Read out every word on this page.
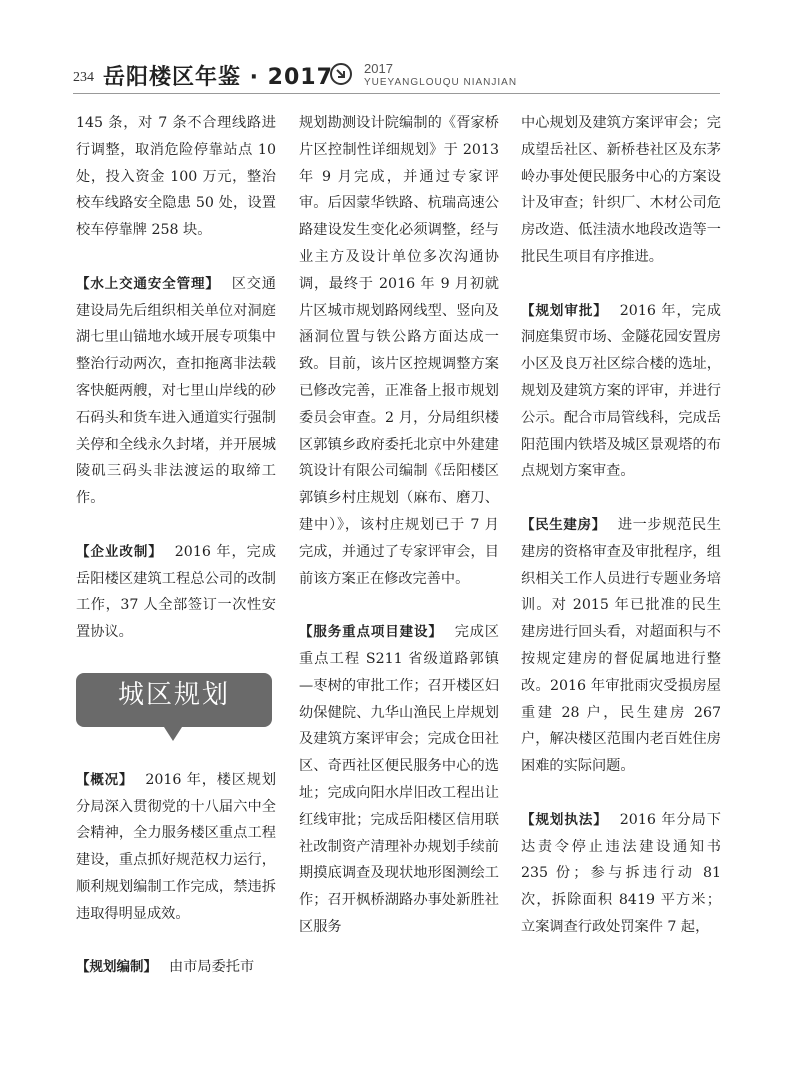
234 岳阳楼区年鉴 · 2017 2017
YUEYANGLOUQU NIANJIAN

145 条，对 7 条不合理线路进行调整，取消危险停靠站点 10 处，投入资金 100 万元，整治校车线路安全隐患 50 处，设置校车停靠牌 258 块。

【水上交通安全管理】 区交通建设局先后组织相关单位对洞庭湖七里山锚地水域开展专项集中整治行动两次，查扣拖离非法载客快艇两艘，对七里山岸线的砂石码头和货车进入通道实行强制关停和全线永久封堵，并开展城陵矶三码头非法渡运的取缔工作。

【企业改制】 2016 年，完成岳阳楼区建筑工程总公司的改制工作，37 人全部签订一次性安置协议。

城区规划

【概况】 2016 年，楼区规划分局深入贯彻党的十八届六中全会精神，全力服务楼区重点工程建设，重点抓好规范权力运行，顺利规划编制工作完成，禁违拆违取得明显成效。

【规划编制】 由市局委托市

规划勘测设计院编制的《胥家桥片区控制性详细规划》于 2013 年 9 月完成，并通过专家评审。后因蒙华铁路、杭瑞高速公路建设发生变化必须调整，经与业主方及设计单位多次沟通协调，最终于 2016 年 9 月初就片区城市规划路网线型、竖向及涵洞位置与铁公路方面达成一致。目前，该片区控规调整方案已修改完善，正准备上报市规划委员会审查。2 月，分局组织楼区郭镇乡政府委托北京中外建建筑设计有限公司编制《岳阳楼区郭镇乡村庄规划（麻布、磨刀、建中）》，该村庄规划已于 7 月完成，并通过了专家评审会，目前该方案正在修改完善中。

【服务重点项目建设】 完成区重点工程 S211 省级道路郭镇—枣树的审批工作；召开楼区妇幼保健院、九华山渔民上岸规划及建筑方案评审会；完成仓田社区、奇西社区便民服务中心的选址；完成向阳水岸旧改工程出让红线审批；完成岳阳楼区信用联社改制资产清理补办规划手续前期摸底调查及现状地形图测绘工作；召开枫桥湖路办事处新胜社区服务

中心规划及建筑方案评审会；完成望岳社区、新桥巷社区及东茅岭办事处便民服务中心的方案设计及审查；针织厂、木材公司危房改造、低洼渍水地段改造等一批民生项目有序推进。

【规划审批】 2016 年，完成洞庭集贸市场、金隧花园安置房小区及良万社区综合楼的选址，规划及建筑方案的评审，并进行公示。配合市局管线科，完成岳阳范围内铁塔及城区景观塔的布点规划方案审查。

【民生建房】 进一步规范民生建房的资格审查及审批程序，组织相关工作人员进行专题业务培训。对 2015 年已批准的民生建房进行回头看，对超面积与不按规定建房的督促属地进行整改。2016 年审批雨灾受损房屋重建 28 户，民生建房 267 户，解决楼区范围内老百姓住房困难的实际问题。

【规划执法】 2016 年分局下达责令停止违法建设通知书 235 份；参与拆违行动 81 次，拆除面积 8419 平方米；立案调查行政处罚案件 7 起，
